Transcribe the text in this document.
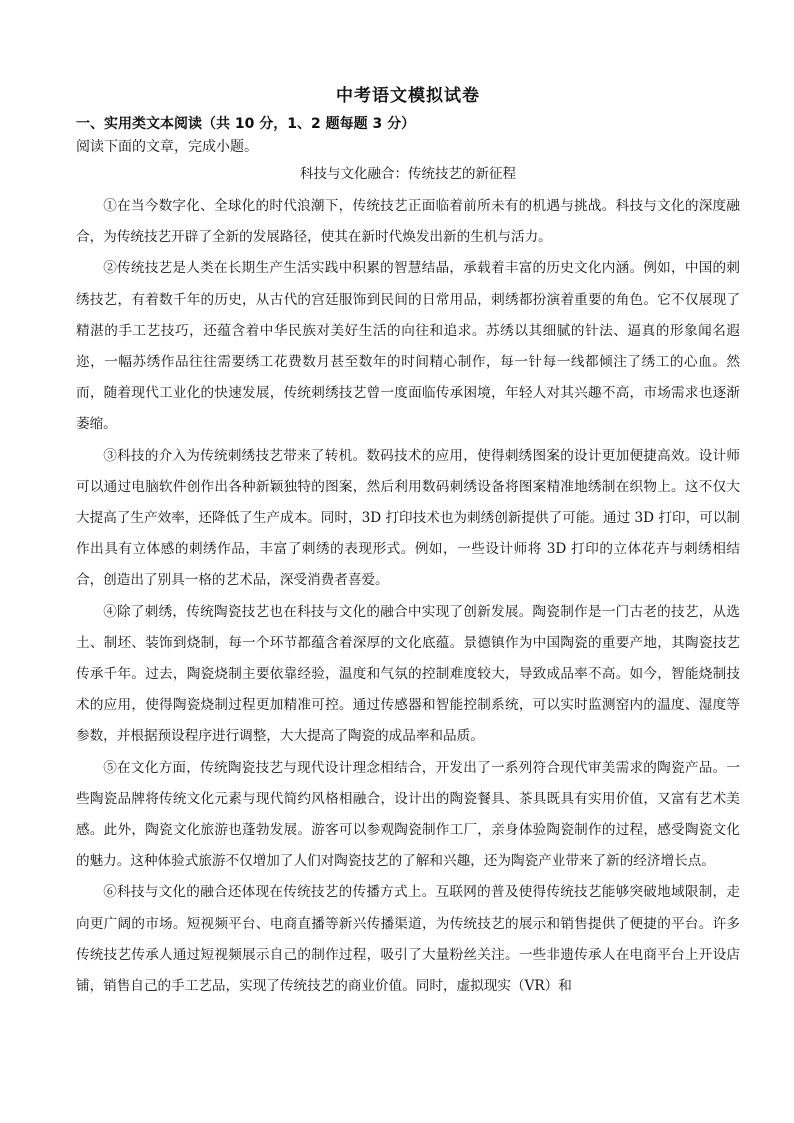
中考语文模拟试卷

一、实用类文本阅读（共 10 分，1、2 题每题 3 分）

阅读下面的文章，完成小题。

科技与文化融合：传统技艺的新征程

①在当今数字化、全球化的时代浪潮下，传统技艺正面临着前所未有的机遇与挑战。科技与文化的深度融合，为传统技艺开辟了全新的发展路径，使其在新时代焕发出新的生机与活力。

②传统技艺是人类在长期生产生活实践中积累的智慧结晶，承载着丰富的历史文化内涵。例如，中国的刺绣技艺，有着数千年的历史，从古代的宫廷服饰到民间的日常用品，刺绣都扮演着重要的角色。它不仅展现了精湛的手工艺技巧，还蕴含着中华民族对美好生活的向往和追求。苏绣以其细腻的针法、逼真的形象闻名遐迩，一幅苏绣作品往往需要绣工花费数月甚至数年的时间精心制作，每一针每一线都倾注了绣工的心血。然而，随着现代工业化的快速发展，传统刺绣技艺曾一度面临传承困境，年轻人对其兴趣不高，市场需求也逐渐萎缩。

③科技的介入为传统刺绣技艺带来了转机。数码技术的应用，使得刺绣图案的设计更加便捷高效。设计师可以通过电脑软件创作出各种新颖独特的图案，然后利用数码刺绣设备将图案精准地绣制在织物上。这不仅大大提高了生产效率，还降低了生产成本。同时，3D 打印技术也为刺绣创新提供了可能。通过 3D 打印，可以制作出具有立体感的刺绣作品，丰富了刺绣的表现形式。例如，一些设计师将 3D 打印的立体花卉与刺绣相结合，创造出了别具一格的艺术品，深受消费者喜爱。

④除了刺绣，传统陶瓷技艺也在科技与文化的融合中实现了创新发展。陶瓷制作是一门古老的技艺，从选土、制坯、装饰到烧制，每一个环节都蕴含着深厚的文化底蕴。景德镇作为中国陶瓷的重要产地，其陶瓷技艺传承千年。过去，陶瓷烧制主要依靠经验，温度和气氛的控制难度较大，导致成品率不高。如今，智能烧制技术的应用，使得陶瓷烧制过程更加精准可控。通过传感器和智能控制系统，可以实时监测窑内的温度、湿度等参数，并根据预设程序进行调整，大大提高了陶瓷的成品率和品质。

⑤在文化方面，传统陶瓷技艺与现代设计理念相结合，开发出了一系列符合现代审美需求的陶瓷产品。一些陶瓷品牌将传统文化元素与现代简约风格相融合，设计出的陶瓷餐具、茶具既具有实用价值，又富有艺术美感。此外，陶瓷文化旅游也蓬勃发展。游客可以参观陶瓷制作工厂，亲身体验陶瓷制作的过程，感受陶瓷文化的魅力。这种体验式旅游不仅增加了人们对陶瓷技艺的了解和兴趣，还为陶瓷产业带来了新的经济增长点。

⑥科技与文化的融合还体现在传统技艺的传播方式上。互联网的普及使得传统技艺能够突破地域限制，走向更广阔的市场。短视频平台、电商直播等新兴传播渠道，为传统技艺的展示和销售提供了便捷的平台。许多传统技艺传承人通过短视频展示自己的制作过程，吸引了大量粉丝关注。一些非遗传承人在电商平台上开设店铺，销售自己的手工艺品，实现了传统技艺的商业价值。同时，虚拟现实（VR）和
